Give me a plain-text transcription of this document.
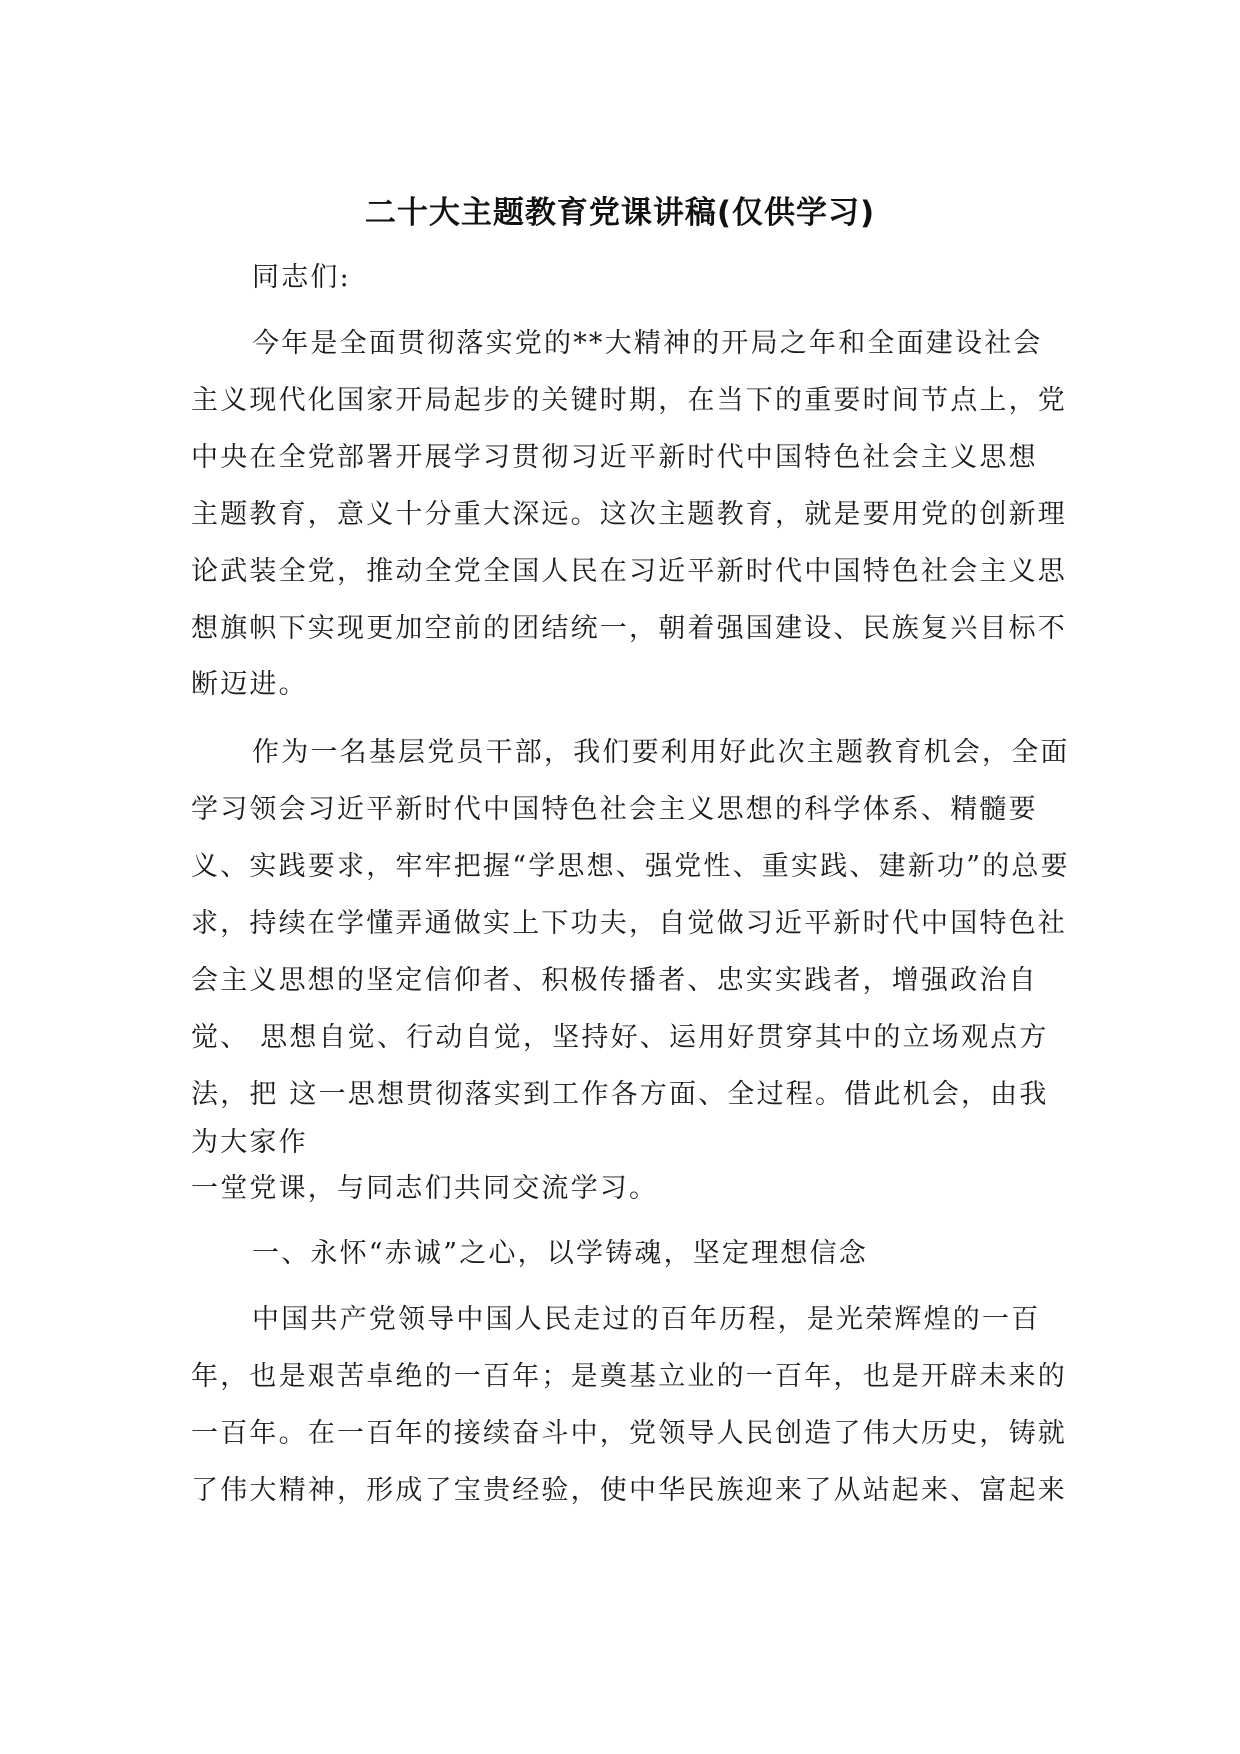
二十大主题教育党课讲稿(仅供学习)
同志们:
今年是全面贯彻落实党的**大精神的开局之年和全面建设社会
主义现代化国家开局起步的关键时期，在当下的重要时间节点上，党
中央在全党部署开展学习贯彻习近平新时代中国特色社会主义思想
主题教育，意义十分重大深远。这次主题教育，就是要用党的创新理
论武装全党，推动全党全国人民在习近平新时代中国特色社会主义思
想旗帜下实现更加空前的团结统一，朝着强国建设、民族复兴目标不
断迈进。
作为一名基层党员干部，我们要利用好此次主题教育机会，全面
学习领会习近平新时代中国特色社会主义思想的科学体系、精髓要
义、实践要求，牢牢把握“学思想、强党性、重实践、建新功”的总要
求，持续在学懂弄通做实上下功夫，自觉做习近平新时代中国特色社
会主义思想的坚定信仰者、积极传播者、忠实实践者，增强政治自
觉、 思想自觉、行动自觉，坚持好、运用好贯穿其中的立场观点方
法，把 这一思想贯彻落实到工作各方面、全过程。借此机会，由我
为大家作
一堂党课，与同志们共同交流学习。
一、永怀“赤诚”之心，以学铸魂，坚定理想信念
中国共产党领导中国人民走过的百年历程，是光荣辉煌的一百
年，也是艰苦卓绝的一百年；是奠基立业的一百年，也是开辟未来的
一百年。在一百年的接续奋斗中，党领导人民创造了伟大历史，铸就
了伟大精神，形成了宝贵经验，使中华民族迎来了从站起来、富起来
